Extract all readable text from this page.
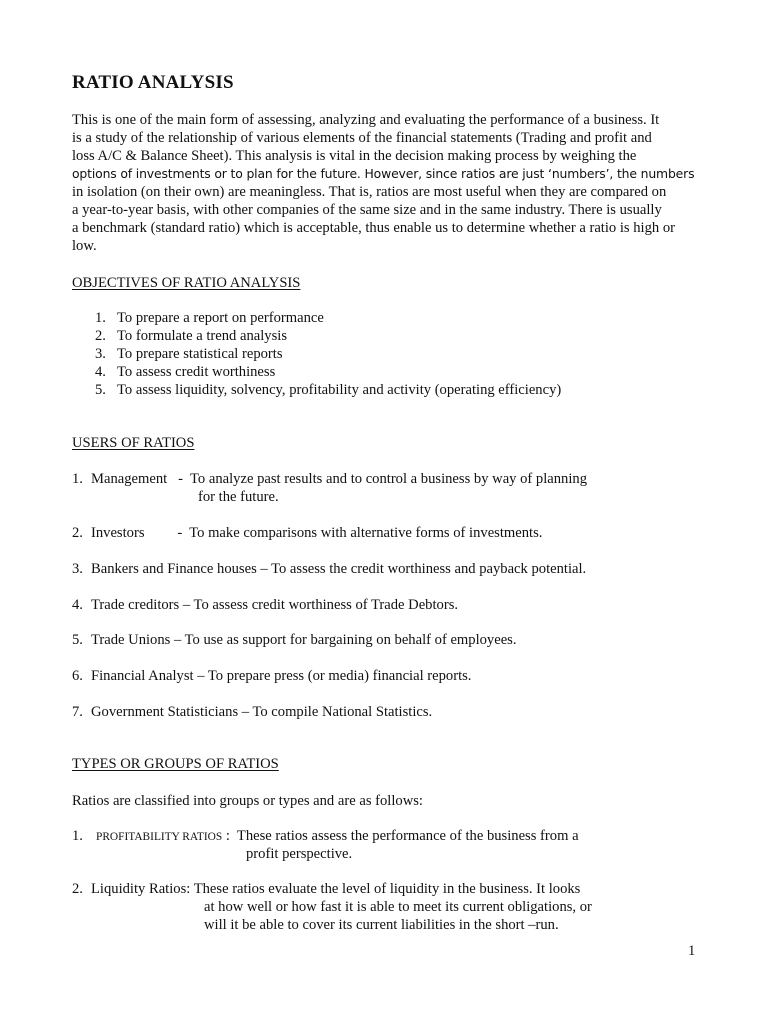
RATIO ANALYSIS

This is one of the main form of assessing, analyzing and evaluating the performance of a business. It

is a study of the relationship of various elements of the financial statements (Trading and profit and

loss A/C & Balance Sheet). This analysis is vital in the decision making process by weighing the

options of investments or to plan for the future. However, since ratios are just ‘numbers’, the numbers

in isolation (on their own) are meaningless. That is, ratios are most useful when they are compared on

a year-to-year basis, with other companies of the same size and in the same industry. There is usually

a benchmark (standard ratio) which is acceptable, thus enable us to determine whether a ratio is high or

low.

OBJECTIVES OF RATIO ANALYSIS
1. To prepare a report on performance
2. To formulate a trend analysis
3. To prepare statistical reports
4. To assess credit worthiness
5. To assess liquidity, solvency, profitability and activity (operating efficiency)
USERS OF RATIOS
1. Management   -  To analyze past results and to control a business by way of planning
for the future.
2. Investors         -  To make comparisons with alternative forms of investments.
3. Bankers and Finance houses – To assess the credit worthiness and payback potential.
4. Trade creditors – To assess credit worthiness of Trade Debtors.
5. Trade Unions – To use as support for bargaining on behalf of employees.
6. Financial Analyst – To prepare press (or media) financial reports.
7. Government Statisticians – To compile National Statistics.
TYPES OR GROUPS OF RATIOS
Ratios are classified into groups or types and are as follows:
1. PROFITABILITY RATIOS :  These ratios assess the performance of the business from a
profit perspective.
2. Liquidity Ratios: These ratios evaluate the level of liquidity in the business. It looks
at how well or how fast it is able to meet its current obligations, or
will it be able to cover its current liabilities in the short –run.
1
